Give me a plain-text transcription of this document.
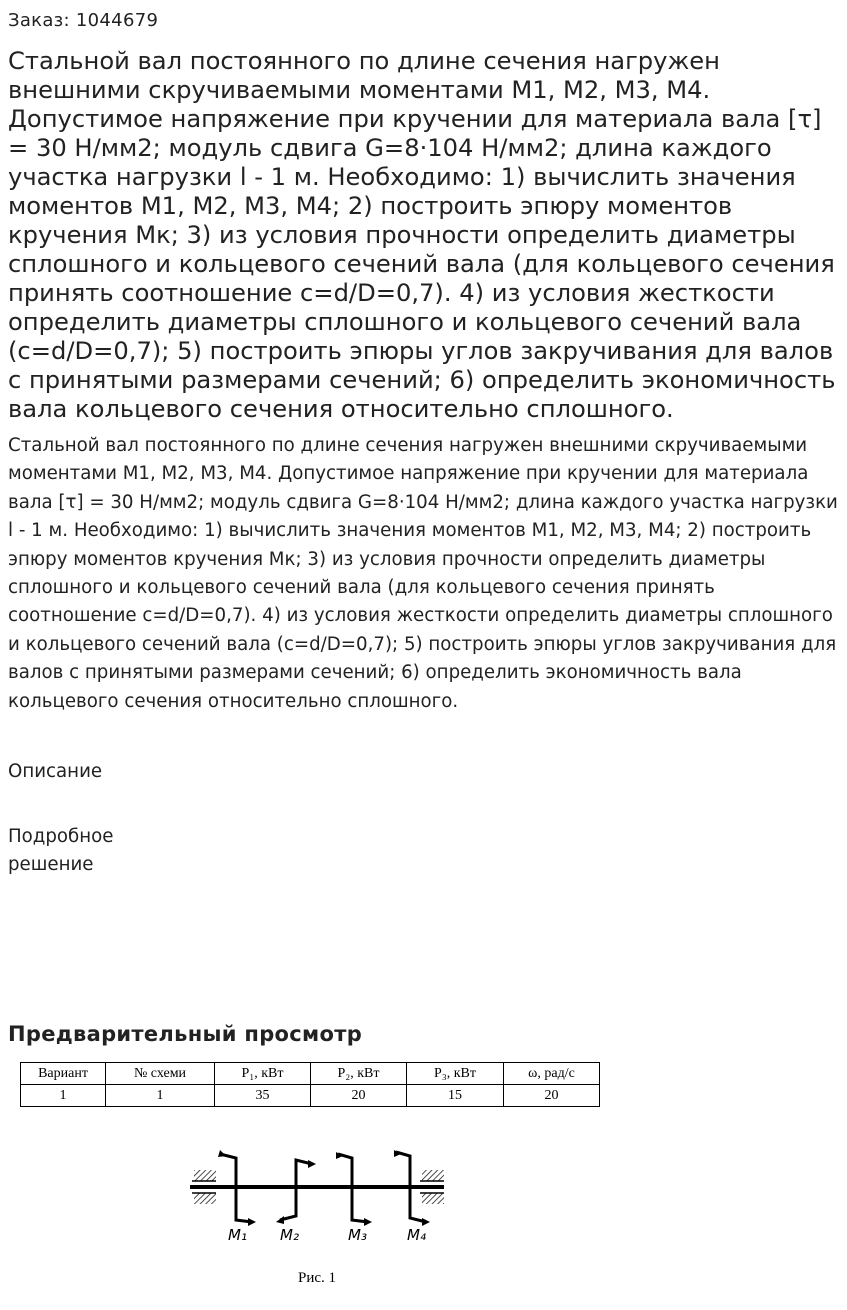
Заказ: 1044679
Стальной вал постоянного по длине сечения нагружен внешними скручиваемыми моментами М1, М2, М3, М4. Допустимое напряжение при кручении для материала вала [τ] = 30 Н/мм2; модуль сдвига G=8·104 Н/мм2; длина каждого участка нагрузки l - 1 м. Необходимо: 1) вычислить значения моментов М1, М2, М3, М4; 2) построить эпюру моментов кручения Мк; 3) из условия прочности определить диаметры сплошного и кольцевого сечений вала (для кольцевого сечения принять соотношение c=d/D=0,7). 4) из условия жесткости определить диаметры сплошного и кольцевого сечений вала (c=d/D=0,7); 5) построить эпюры углов закручивания для валов с принятыми размерами сечений; 6) определить экономичность вала кольцевого сечения относительно сплошного.

Стальной вал постоянного по длине сечения нагружен внешними скручиваемыми моментами М1, М2, М3, М4. Допустимое напряжение при кручении для материала вала [τ] = 30 Н/мм2; модуль сдвига G=8·104 Н/мм2; длина каждого участка нагрузки l - 1 м. Необходимо: 1) вычислить значения моментов М1, М2, М3, М4; 2) построить эпюру моментов кручения Мк; 3) из условия прочности определить диаметры сплошного и кольцевого сечений вала (для кольцевого сечения принять соотношение c=d/D=0,7). 4) из условия жесткости определить диаметры сплошного и кольцевого сечений вала (c=d/D=0,7); 5) построить эпюры углов закручивания для валов с принятыми размерами сечений; 6) определить экономичность вала кольцевого сечения относительно сплошного.

Описание
Подробное решение
Предварительный просмотр
Вариант	№ схеми	P₁, кВт	P₂, кВт	P₃, кВт	ω, рад/с
1	1	35	20	15	20
M₁ M₂	M₃	M₄
Рис. 1
